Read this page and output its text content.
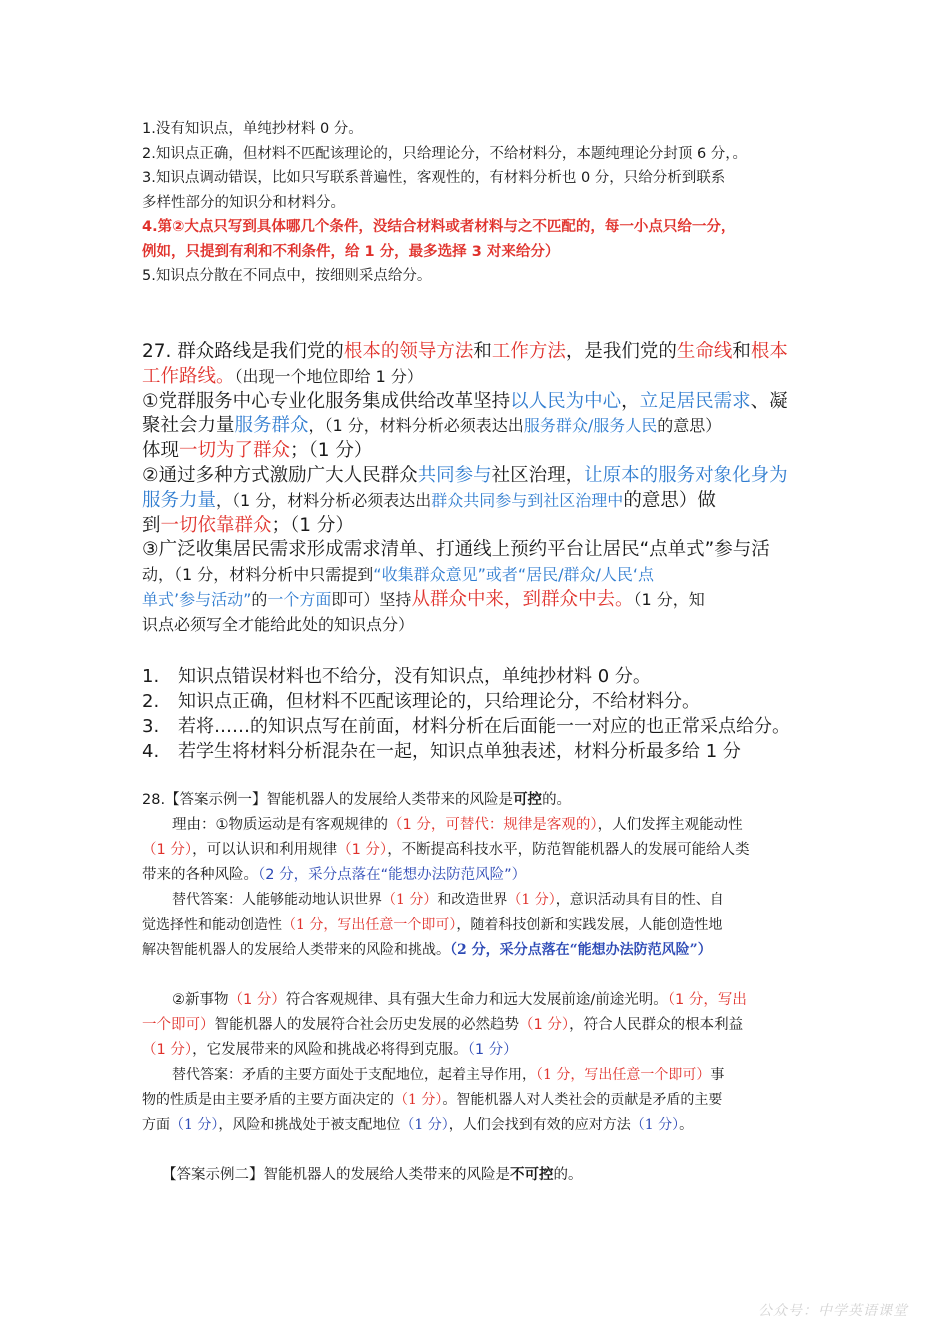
1.没有知识点，单纯抄材料 0 分。
2.知识点正确，但材料不匹配该理论的，只给理论分，不给材料分，本题纯理论分封顶 6 分，。
3.知识点调动错误，比如只写联系普遍性，客观性的，有材料分析也 0 分，只给分析到联系
多样性部分的知识分和材料分。
4.第②大点只写到具体哪几个条件，没结合材料或者材料与之不匹配的，每一小点只给一分，
例如，只提到有利和不利条件，给 1 分，最多选择 3 对来给分）
5.知识点分散在不同点中，按细则采点给分。
27. 群众路线是我们党的根本的领导方法和工作方法，是我们党的生命线和根本
工作路线。（出现一个地位即给 1 分）
①党群服务中心专业化服务集成供给改革坚持以人民为中心，立足居民需求、凝
聚社会力量服务群众，（1 分，材料分析必须表达出服务群众/服务人民的意思）
体现一切为了群众；（1 分）
②通过多种方式激励广大人民群众共同参与社区治理，让原本的服务对象化身为
服务力量，（1 分，材料分析必须表达出群众共同参与到社区治理中的意思）做
到一切依靠群众；（1 分）
③广泛收集居民需求形成需求清单、打通线上预约平台让居民“点单式”参与活
动，（1 分，材料分析中只需提到“收集群众意见”或者“居民/群众/人民‘点
单式’参与活动”的一个方面即可）坚持从群众中来，到群众中去。（1 分，知
识点必须写全才能给此处的知识点分）
1. 知识点错误材料也不给分，没有知识点，单纯抄材料 0 分。
2. 知识点正确，但材料不匹配该理论的，只给理论分，不给材料分。
3. 若将……的知识点写在前面，材料分析在后面能一一对应的也正常采点给分。
4. 若学生将材料分析混杂在一起，知识点单独表述，材料分析最多给 1 分
28.【答案示例一】智能机器人的发展给人类带来的风险是可控的。
理由：①物质运动是有客观规律的（1 分，可替代：规律是客观的），人们发挥主观能动性
（1 分），可以认识和利用规律（1 分），不断提高科技水平，防范智能机器人的发展可能给人类
带来的各种风险。（2 分，采分点落在“能想办法防范风险”）
替代答案：人能够能动地认识世界（1 分）和改造世界（1 分），意识活动具有目的性、自
觉选择性和能动创造性（1 分，写出任意一个即可），随着科技创新和实践发展，人能创造性地
解决智能机器人的发展给人类带来的风险和挑战。（2 分，采分点落在“能想办法防范风险”）
②新事物（1 分）符合客观规律、具有强大生命力和远大发展前途/前途光明。（1 分，写出
一个即可）智能机器人的发展符合社会历史发展的必然趋势（1 分），符合人民群众的根本利益
（1 分），它发展带来的风险和挑战必将得到克服。（1 分）
替代答案：矛盾的主要方面处于支配地位，起着主导作用，（1 分，写出任意一个即可）事
物的性质是由主要矛盾的主要方面决定的（1 分）。智能机器人对人类社会的贡献是矛盾的主要
方面（1 分），风险和挑战处于被支配地位（1 分），人们会找到有效的应对方法（1 分）。
【答案示例二】智能机器人的发展给人类带来的风险是不可控的。
公众号：中学英语课堂
